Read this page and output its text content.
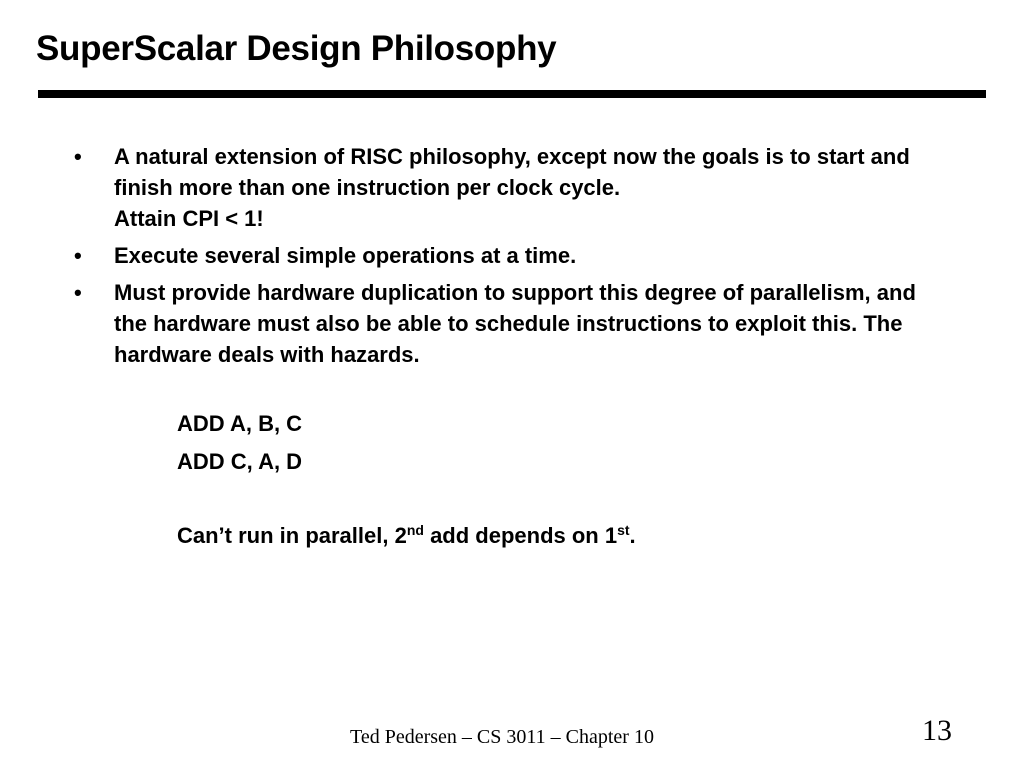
SuperScalar Design Philosophy
•	A natural extension of RISC philosophy, except now the goals is to start and finish more than one instruction per clock cycle.
Attain CPI < 1!
•	Execute several simple operations at a time.
•	Must provide hardware duplication to support this degree of parallelism, and the hardware must also be able to schedule instructions to exploit this. The hardware deals with hazards.
ADD A, B, C
ADD C, A, D
Can’t run in parallel, 2nd add depends on 1st.
Ted Pedersen – CS 3011 – Chapter 10	13
